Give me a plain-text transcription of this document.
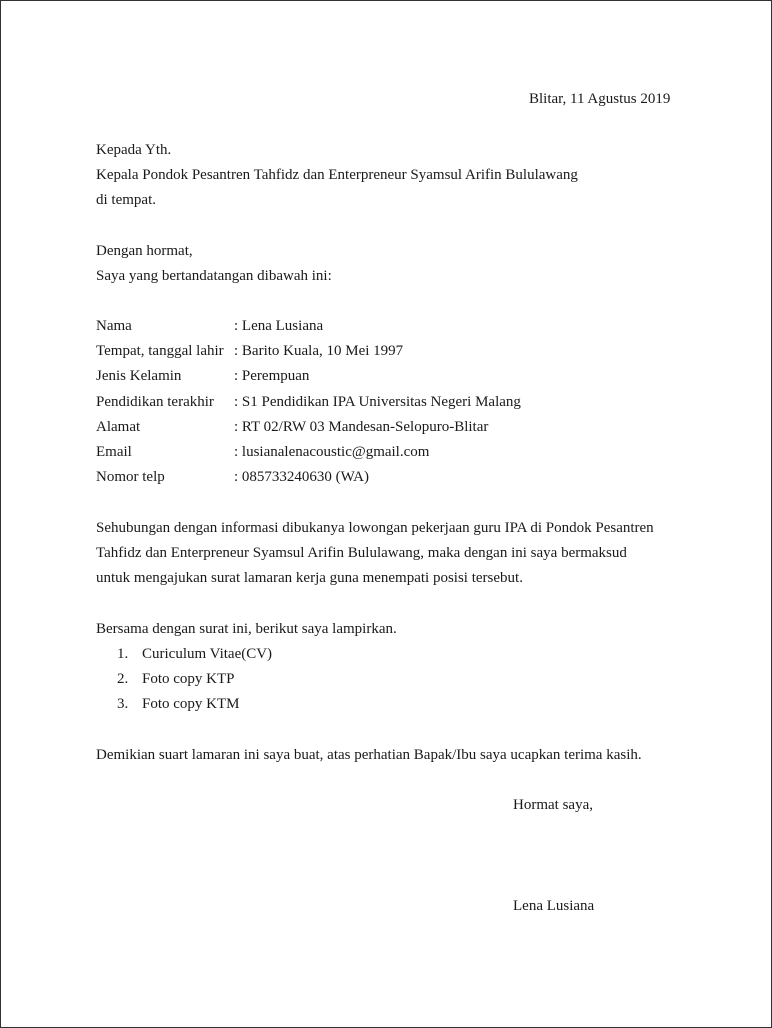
Blitar, 11 Agustus 2019
Kepada Yth.
Kepala Pondok Pesantren Tahfidz dan Enterpreneur Syamsul Arifin Bululawang
di tempat.
Dengan hormat,
Saya yang bertandatangan dibawah ini:
Nama	: Lena Lusiana
Tempat, tanggal lahir : Barito Kuala, 10 Mei 1997
Jenis Kelamin	: Perempuan
Pendidikan terakhir : S1 Pendidikan IPA Universitas Negeri Malang
Alamat	: RT 02/RW 03 Mandesan-Selopuro-Blitar
Email	: lusianalenacoustic@gmail.com
Nomor telp	: 085733240630 (WA)
Sehubungan dengan informasi dibukanya lowongan pekerjaan guru IPA di Pondok Pesantren
Tahfidz dan Enterpreneur Syamsul Arifin Bululawang, maka dengan ini saya bermaksud
untuk mengajukan surat lamaran kerja guna menempati posisi tersebut.
Bersama dengan surat ini, berikut saya lampirkan.
1. Curiculum Vitae(CV)
2. Foto copy KTP
3. Foto copy KTM
Demikian suart lamaran ini saya buat, atas perhatian Bapak/Ibu saya ucapkan terima kasih.
Hormat saya,
Lena Lusiana
